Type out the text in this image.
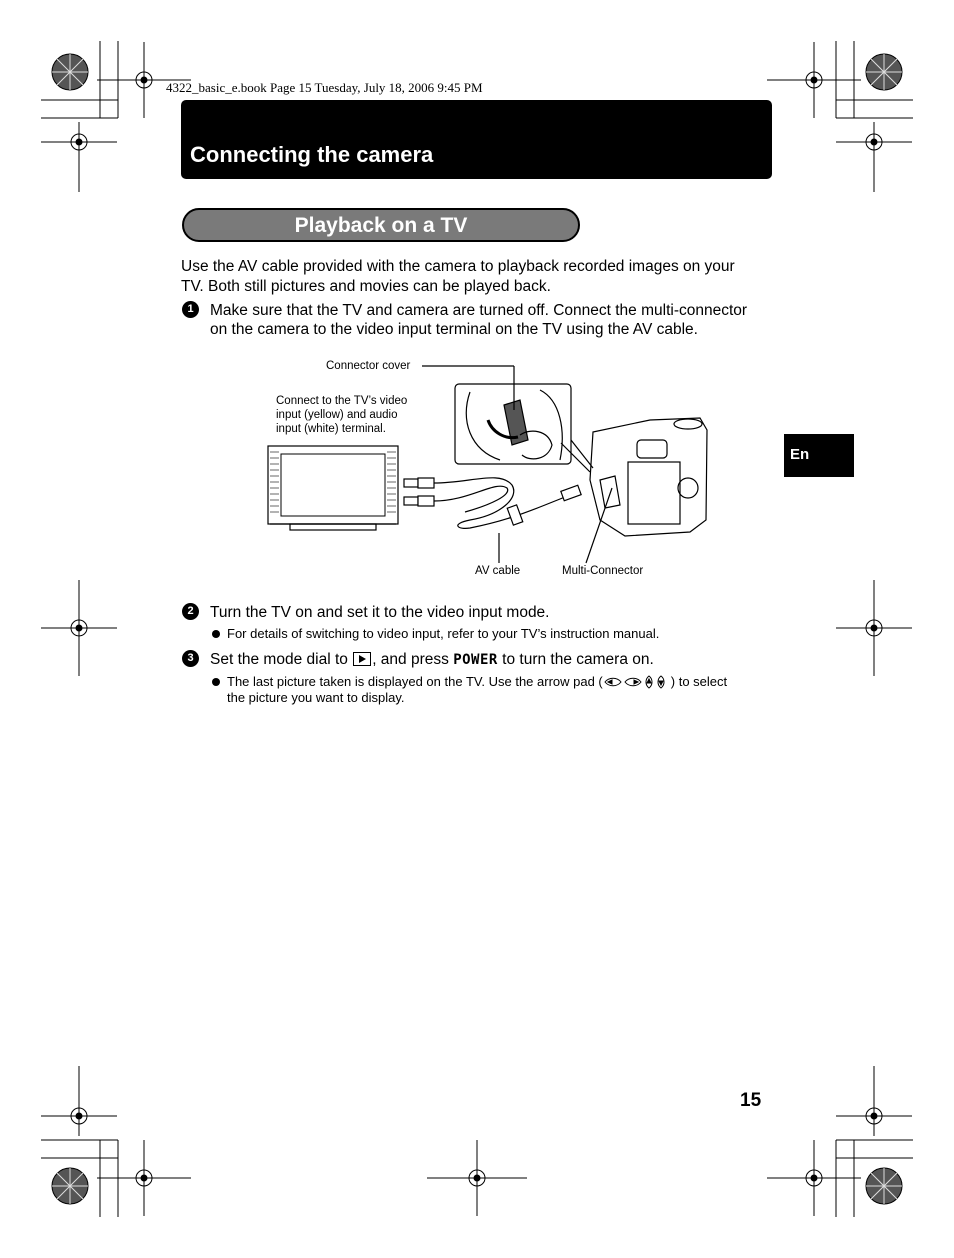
4322_basic_e.book Page 15 Tuesday, July 18, 2006 9:45 PM
Connecting the camera
Playback on a TV
Use the AV cable provided with the camera to playback recorded images on your
TV. Both still pictures and movies can be played back.
1	Make sure that the TV and camera are turned off. Connect the multi-connector
on the camera to the video input terminal on the TV using the AV cable.
Connector cover
Connect to the TV’s video
input (yellow) and audio
input (white) terminal.
AV cable	Multi-Connector
2	Turn the TV on and set it to the video input mode.
For details of switching to video input, refer to your TV’s instruction manual.
3	Set the mode dial to , and press POWER to turn the camera on.
The last picture taken is displayed on the TV. Use the arrow pad (	) to select
the picture you want to display.
En
15
